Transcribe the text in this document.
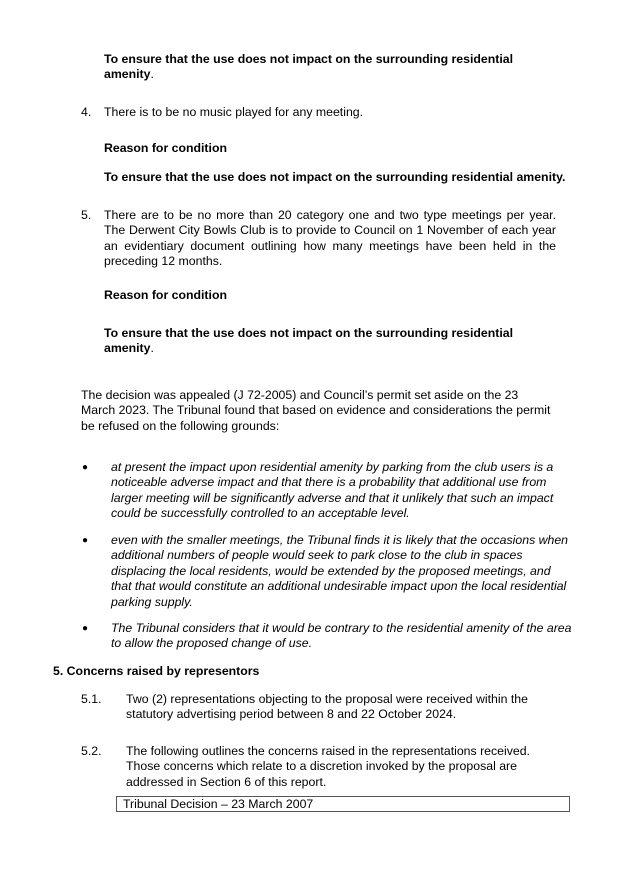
To ensure that the use does not impact on the surrounding residential amenity.
4. There is to be no music played for any meeting.
Reason for condition
To ensure that the use does not impact on the surrounding residential amenity.
5. There are to be no more than 20 category one and two type meetings per year. The Derwent City Bowls Club is to provide to Council on 1 November of each year an evidentiary document outlining how many meetings have been held in the preceding 12 months.
Reason for condition
To ensure that the use does not impact on the surrounding residential amenity.
The decision was appealed (J 72-2005) and Council’s permit set aside on the 23 March 2023. The Tribunal found that based on evidence and considerations the permit be refused on the following grounds:
● at present the impact upon residential amenity by parking from the club users is a noticeable adverse impact and that there is a probability that additional use from larger meeting will be significantly adverse and that it unlikely that such an impact could be successfully controlled to an acceptable level.
● even with the smaller meetings, the Tribunal finds it is likely that the occasions when additional numbers of people would seek to park close to the club in spaces displacing the local residents, would be extended by the proposed meetings, and that that would constitute an additional undesirable impact upon the local residential parking supply.
● The Tribunal considers that it would be contrary to the residential amenity of the area to allow the proposed change of use.
5. Concerns raised by representors
5.1. Two (2) representations objecting to the proposal were received within the statutory advertising period between 8 and 22 October 2024.
5.2. The following outlines the concerns raised in the representations received. Those concerns which relate to a discretion invoked by the proposal are addressed in Section 6 of this report.
Tribunal Decision – 23 March 2007
